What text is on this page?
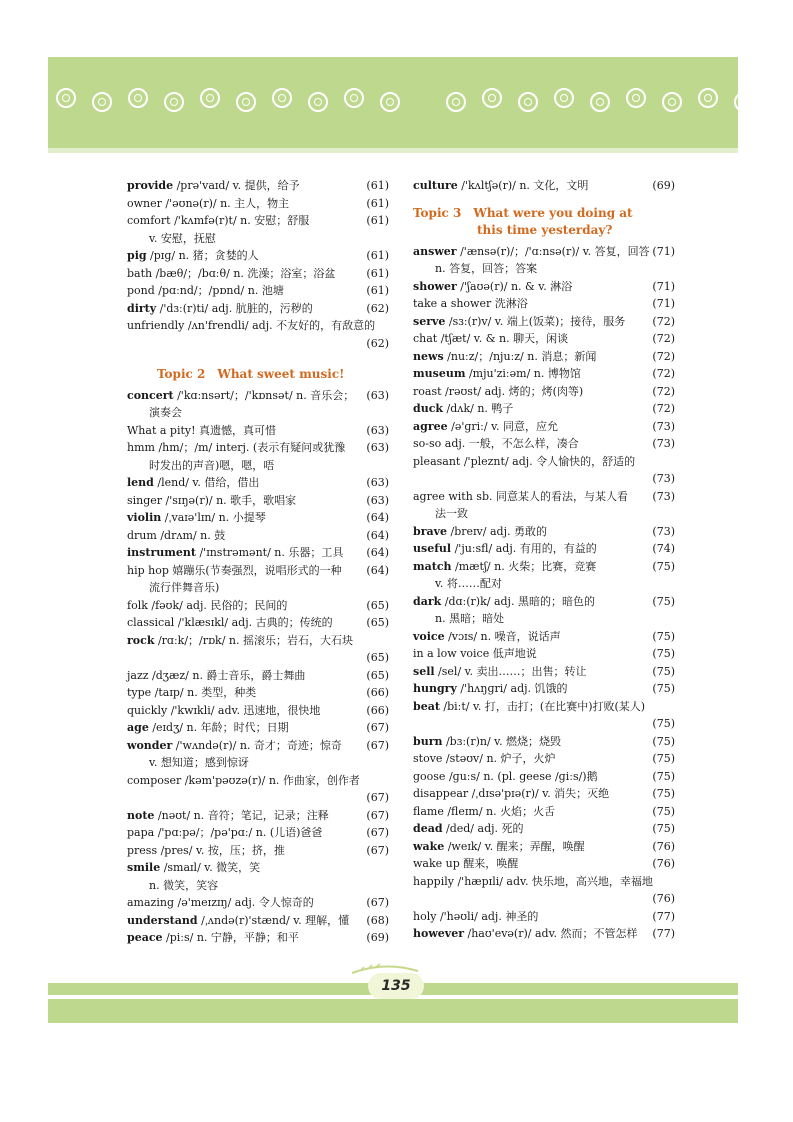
provide /prə'vaɪd/ v. 提供，给予	(61)
owner /'əʊnə(r)/ n. 主人，物主	(61)
comfort /'kʌmfə(r)t/ n. 安慰；舒服
v. 安慰，抚慰
(61)
pig /pɪɡ/ n. 猪；贪婪的人	(61)
bath /bæθ/；/bɑːθ/ n. 洗澡；浴室；浴盆	(61)
pond /pɑːnd/；/pɒnd/ n. 池塘	(61)
dirty /'dɜː(r)ti/ adj. 肮脏的，污秽的	(62)
unfriendly /ʌn'frendli/ adj. 不友好的，有敌意的

(62)
Topic 2　What sweet music!
concert /'kɑːnsərt/；/'kɒnsət/ n. 音乐会；
演奏会
(63)
What a pity! 真遗憾，真可惜	(63)
hmm /hm/；/m/ interj. (表示有疑问或犹豫
时发出的声音)嗯，嗯，唔
(63)
lend /lend/ v. 借给，借出	(63)
singer /'sɪŋə(r)/ n. 歌手，歌唱家	(63)
violin /ˌvaɪə'lɪn/ n. 小提琴	(64)
drum /drʌm/ n. 鼓	(64)
instrument /'ɪnstrəmənt/ n. 乐器；工具 (64)
hip hop 嬉蹦乐(节奏强烈，说唱形式的一种
流行伴舞音乐)
(64)
folk /fəʊk/ adj. 民俗的；民间的	(65)
classical /'klæsɪkl/ adj. 古典的；传统的	(65)
rock /rɑːk/；/rɒk/ n. 摇滚乐；岩石，大石块

(65)
jazz /dʒæz/ n. 爵士音乐，爵士舞曲	(65)
type /taɪp/ n. 类型，种类	(66)
quickly /'kwɪkli/ adv. 迅速地，很快地	(66)
age /eɪdʒ/ n. 年龄；时代；日期	(67)
wonder /'wʌndə(r)/ n. 奇才；奇迹；惊奇
v. 想知道；感到惊讶
(67)
composer /kəm'pəʊzə(r)/ n. 作曲家，创作者

(67)
note /nəʊt/ n. 音符；笔记，记录；注释	(67)
papa /'pɑːpə/；/pə'pɑː/ n. (儿语)爸爸	(67)
press /pres/ v. 按，压；挤，推	(67)
smile /smaɪl/ v. 微笑，笑
n. 微笑，笑容
amazing /ə'meɪzɪŋ/ adj. 令人惊奇的	(67)
understand /ˌʌndə(r)'stænd/ v. 理解，懂 (68)
peace /piːs/ n. 宁静，平静；和平	(69)
culture /'kʌltʃə(r)/ n. 文化，文明	(69)
Topic 3　What were you doing at
this time yesterday?
answer /'ænsə(r)/；/'ɑːnsə(r)/ v. 答复，回答
n. 答复，回答；答案
(71)
shower /'ʃaʊə(r)/ n. & v. 淋浴	(71)
take a shower 洗淋浴	(71)
serve /sɜː(r)v/ v. 端上(饭菜)；接待，服务 (72)
chat /tʃæt/ v. & n. 聊天，闲谈	(72)
news /nuːz/；/njuːz/ n. 消息；新闻	(72)
museum /mju'ziːəm/ n. 博物馆	(72)
roast /rəʊst/ adj. 烤的；烤(肉等)	(72)
duck /dʌk/ n. 鸭子	(72)
agree /ə'ɡriː/ v. 同意，应允	(73)
so-so adj. 一般，不怎么样，凑合	(73)
pleasant /'pleznt/ adj. 令人愉快的，舒适的

(73)
agree with sb. 同意某人的看法，与某人看
法一致
(73)
brave /breɪv/ adj. 勇敢的	(73)
useful /'juːsfl/ adj. 有用的，有益的	(74)
match /mætʃ/ n. 火柴；比赛，竞赛
v. 将……配对
(75)
dark /dɑː(r)k/ adj. 黑暗的；暗色的
n. 黑暗；暗处
(75)
voice /vɔɪs/ n. 噪音，说话声	(75)
in a low voice 低声地说	(75)
sell /sel/ v. 卖出……；出售；转让	(75)
hungry /'hʌŋɡri/ adj. 饥饿的	(75)
beat /biːt/ v. 打，击打；(在比赛中)打败(某人)

(75)
burn /bɜː(r)n/ v. 燃烧；烧毁	(75)
stove /stəʊv/ n. 炉子，火炉	(75)
goose /ɡuːs/ n. (pl. geese /ɡiːs/)鹅	(75)
disappear /ˌdɪsə'pɪə(r)/ v. 消失；灭绝	(75)
flame /fleɪm/ n. 火焰；火舌	(75)
dead /ded/ adj. 死的	(75)
wake /weɪk/ v. 醒来；弄醒，唤醒	(76)
wake up 醒来，唤醒	(76)
happily /'hæpɪli/ adv. 快乐地，高兴地，幸福地

(76)
holy /'həʊli/ adj. 神圣的	(77)
however /haʊ'evə(r)/ adv. 然而；不管怎样 (77)
135
